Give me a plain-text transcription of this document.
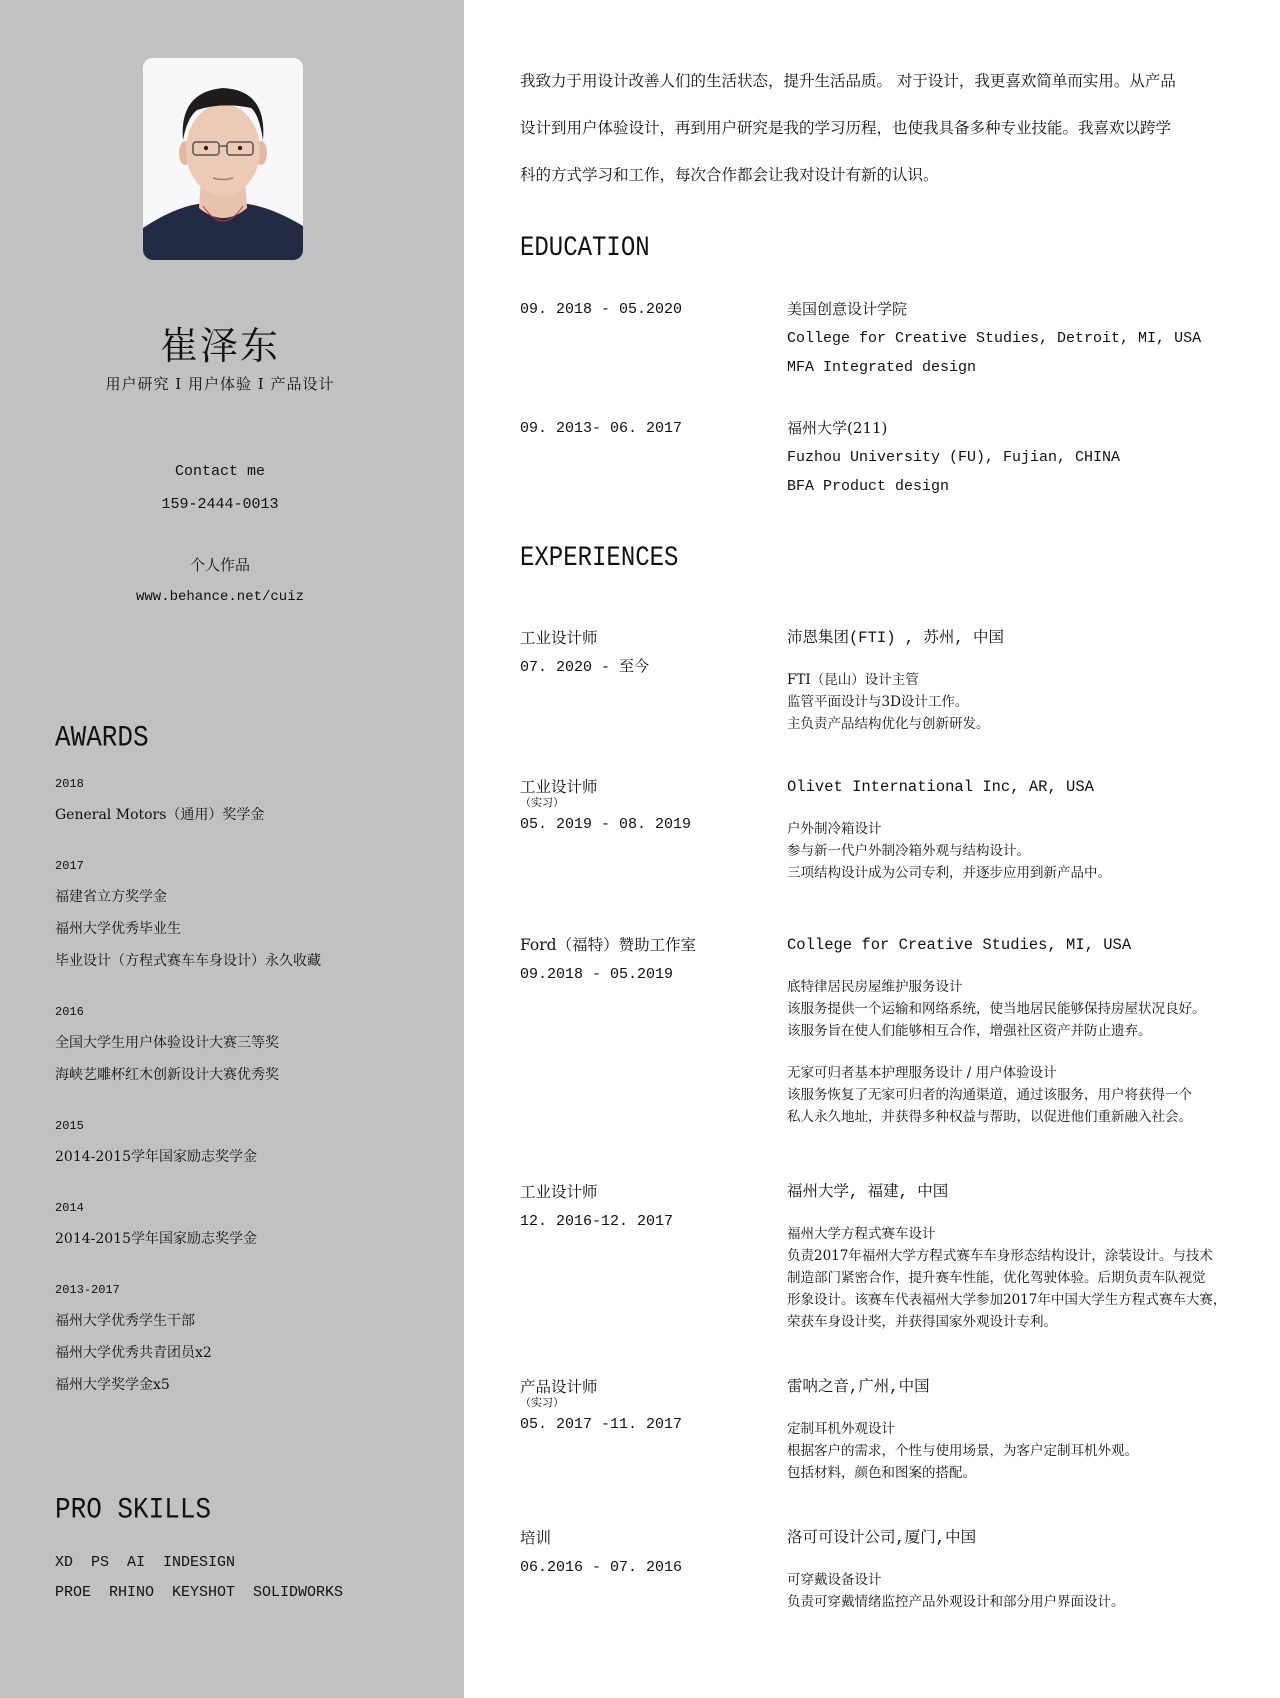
崔泽东
用户研究 I 用户体验 I 产品设计
Contact me
159-2444-0013
个人作品
www.behance.net/cuiz
AWARDS
2018
General Motors（通用）奖学金
2017
福建省立方奖学金
福州大学优秀毕业生
毕业设计（方程式赛车车身设计）永久收藏
2016
全国大学生用户体验设计大赛三等奖
海峡艺雕杯红木创新设计大赛优秀奖
2015
2014-2015学年国家励志奖学金
2014
2014-2015学年国家励志奖学金
2013-2017
福州大学优秀学生干部
福州大学优秀共青团员x2
福州大学奖学金x5
PRO SKILLS
XD  PS  AI  INDESIGN
PROE  RHINO  KEYSHOT  SOLIDWORKS
我致力于用设计改善人们的生活状态，提升生活品质。 对于设计，我更喜欢简单而实用。从产品
设计到用户体验设计，再到用户研究是我的学习历程，也使我具备多种专业技能。我喜欢以跨学
科的方式学习和工作，每次合作都会让我对设计有新的认识。
EDUCATION
09. 2018 - 05.2020	美国创意设计学院
College for Creative Studies, Detroit, MI, USA
MFA Integrated design
09. 2013- 06. 2017	福州大学(211)
Fuzhou University (FU), Fujian, CHINA
BFA Product design
EXPERIENCES
工业设计师
07. 2020 - 至今
沛恩集团(FTI) , 苏州, 中国
FTI（昆山）设计主管
监管平面设计与3D设计工作。
主负责产品结构优化与创新研发。
工业设计师
（实习）
05. 2019 - 08. 2019
Olivet International Inc, AR, USA
户外制冷箱设计
参与新一代户外制冷箱外观与结构设计。
三项结构设计成为公司专利，并逐步应用到新产品中。
Ford（福特）赞助工作室
09.2018 - 05.2019
College for Creative Studies, MI, USA
底特律居民房屋维护服务设计
该服务提供一个运输和网络系统，使当地居民能够保持房屋状况良好。
该服务旨在使人们能够相互合作，增强社区资产并防止遗弃。
无家可归者基本护理服务设计 / 用户体验设计
该服务恢复了无家可归者的沟通渠道，通过该服务，用户将获得一个
私人永久地址，并获得多种权益与帮助，以促进他们重新融入社会。
工业设计师
12. 2016-12. 2017
福州大学, 福建, 中国
福州大学方程式赛车设计
负责2017年福州大学方程式赛车车身形态结构设计，涂装设计。与技术
制造部门紧密合作，提升赛车性能，优化驾驶体验。后期负责车队视觉
形象设计。该赛车代表福州大学参加2017年中国大学生方程式赛车大赛，
荣获车身设计奖，并获得国家外观设计专利。
产品设计师
（实习）
05. 2017 -11. 2017
雷呐之音,广州,中国
定制耳机外观设计
根据客户的需求，个性与使用场景，为客户定制耳机外观。
包括材料，颜色和图案的搭配。
培训
06.2016 - 07. 2016
洛可可设计公司,厦门,中国
可穿戴设备设计
负责可穿戴情绪监控产品外观设计和部分用户界面设计。
